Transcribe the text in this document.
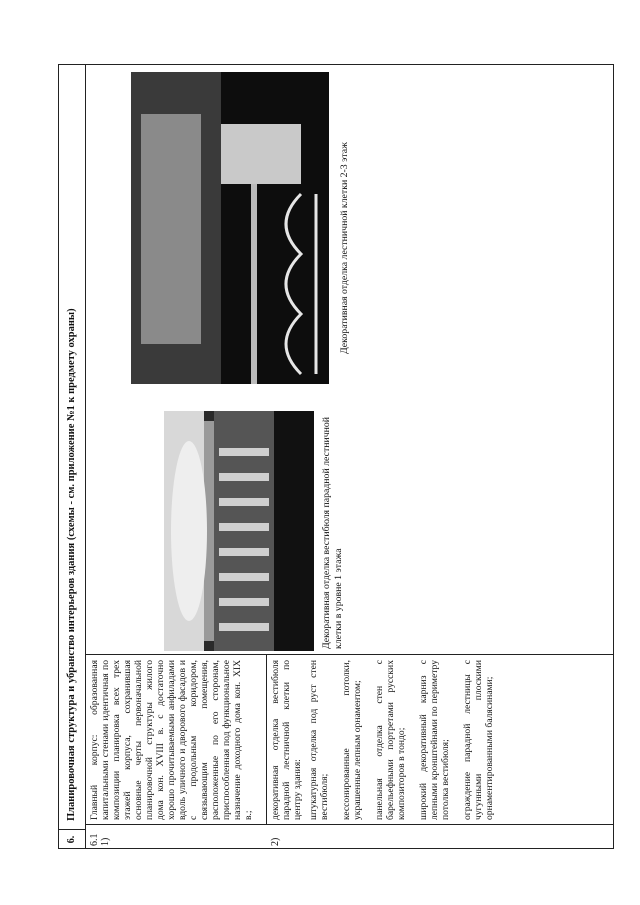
6.
Планировочная структура и убранство интерьеров здания (схемы - см. приложение №1 к предмету охраны)
6.1
1)	2)
Главный корпус: образованная капитальными стенами идентичная по композиции планировка всех трех этажей корпуса, сохранившая основные черты первоначальной планировочной структуры жилого дома кон. XVIII в. с достаточно хорошо прочитываемыми анфиладами вдоль уличного и дворового фасадов и с продольным коридором, связывающим помещения, расположенные по его сторонам, приспособленная под функциональное назначение доходного дома кон. XIX в.; декоративная отделка вестибюля парадной лестничной клетки по центру здания: штукатурная отделка под руст стен вестибюля; кессонированные потолки, украшенные лепным орнаментом; панельная отделка стен с барельефными портретами русских композиторов в тондо; широкий декоративный карниз с лепными кронштейнами по периметру потолка вестибюля; ограждение парадной лестницы с чугунными плоскими орнаментированными балясинами;
Декоративная отделка вестибюля парадной лестничной клетки в уровне 1 этажа
Декоративная отделка лестничной клетки 2-3 этаж
